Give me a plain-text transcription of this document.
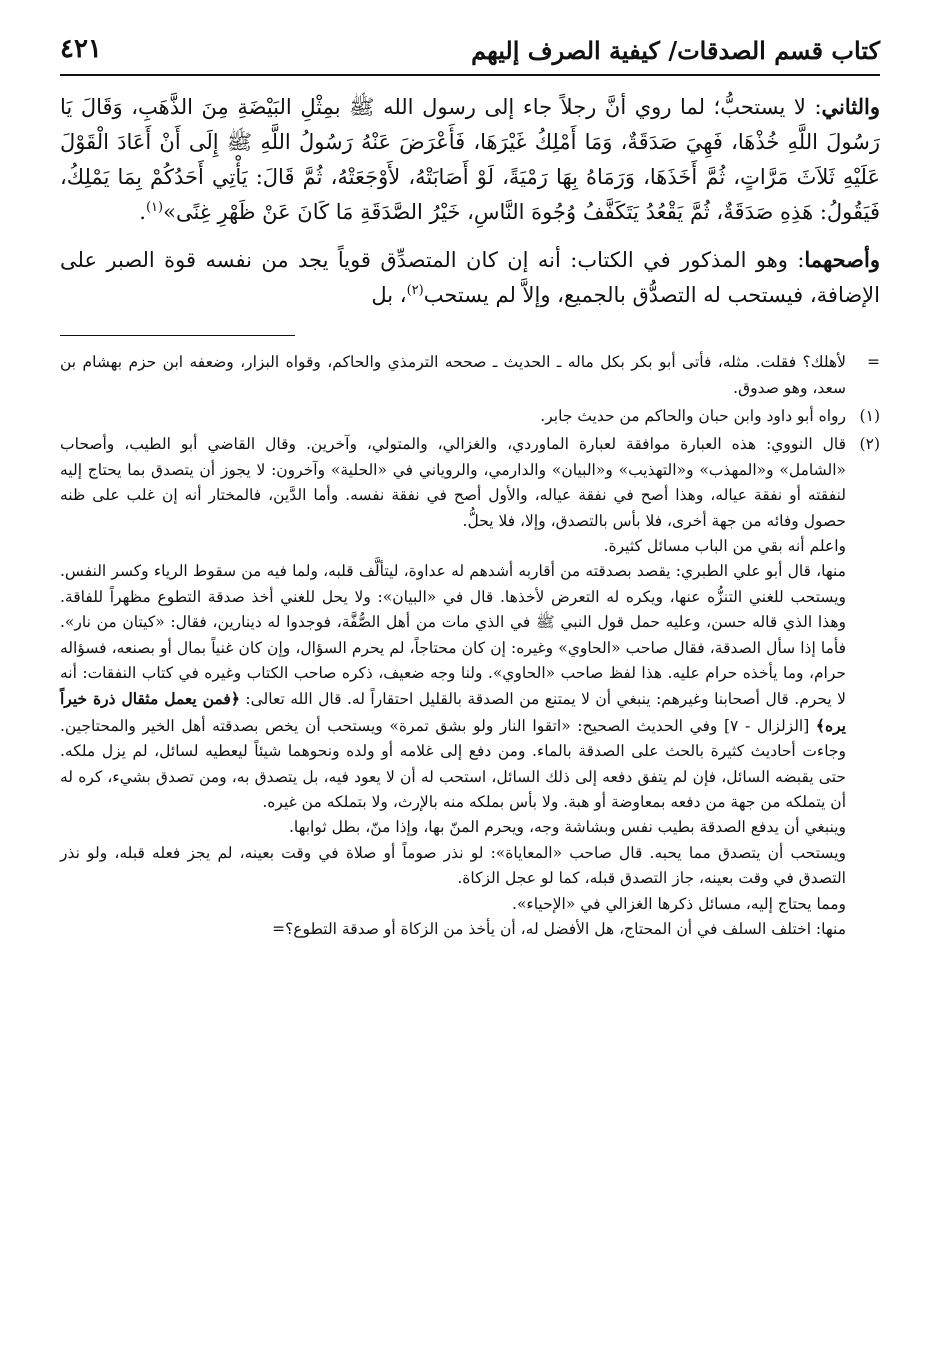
كتاب قسم الصدقات/ كيفية الصرف إليهم
٤٢١

والثاني: لا يستحبُّ؛ لما روي أنَّ رجلاً جاء إلى رسول الله ﷺ بمِثْلِ البَيْضَةِ مِنَ الذَّهَبِ، وَقَالَ يَا رَسُولَ اللَّهِ خُذْهَا، فَهِيَ صَدَقَةٌ، وَمَا أَمْلِكُ غَيْرَهَا، فَأَعْرَضَ عَنْهُ رَسُولُ اللَّهِ ﷺ إِلَى أَنْ أَعَادَ الْقَوْلَ عَلَيْهِ ثَلاَثَ مَرَّاتٍ، ثُمَّ أَخَذَهَا، وَرَمَاهُ بِهَا رَمْيَةً، لَوْ أَصَابَتْهُ، لأَوْجَعَتْهُ، ثُمَّ قَالَ: يَأْتِي أَحَدُكُمْ بِمَا يَمْلِكُ، فَيَقُولُ: هَذِهِ صَدَقَةٌ، ثُمَّ يَقْعُدُ يَتَكَفَّفُ وُجُوهَ النَّاسِ، خَيْرُ الصَّدَقَةِ مَا كَانَ عَنْ ظَهْرِ غِنًى»$^{(١)}$.

وأصحهما: وهو المذكور في الكتاب: أنه إن كان المتصدِّق قوياً يجد من نفسه قوة الصبر على الإضافة، فيستحب له التصدُّق بالجميع، وإلاَّ لم يستحب$^{(٢)}$، بل

=

لأهلك؟ فقلت. مثله، فأتى أبو بكر بكل ماله ـ الحديث ـ صححه الترمذي والحاكم، وقواه البزار، وضعفه ابن حزم بهشام بن سعد، وهو صدوق.

(١)

رواه أبو داود وابن حبان والحاكم من حديث جابر.

(٢)

قال النووي: هذه العبارة موافقة لعبارة الماوردي، والغزالي، والمتولي، وآخرين. وقال القاضي أبو الطيب، وأصحاب «الشامل» و«المهذب» و«التهذيب» و«البيان» والدارمي، والروياني في «الحلية» وآخرون: لا يجوز أن يتصدق بما يحتاج إليه لنفقته أو نفقة عياله، وهذا أصح في نفقة عياله، والأول أصح في نفقة نفسه. وأما الدَّين، فالمختار أنه إن غلب على ظنه حصول وفائه من جهة أخرى، فلا بأس بالتصدق، وإلا، فلا يحلُّ.

واعلم أنه بقي من الباب مسائل كثيرة.

منها، قال أبو علي الطبري: يقصد بصدقته من أقاربه أشدهم له عداوة، ليتألَّف قلبه، ولما فيه من سقوط الرياء وكسر النفس. ويستحب للغني التنزُّه عنها، ويكره له التعرض لأخذها. قال في «البيان»: ولا يحل للغني أخذ صدقة التطوع مظهراً للفاقة. وهذا الذي قاله حسن، وعليه حمل قول النبي ﷺ في الذي مات من أهل الصُّفَّة، فوجدوا له دينارين، فقال: «كيتان من نار». فأما إذا سأل الصدقة، فقال صاحب «الحاوي» وغيره: إن كان محتاجاً، لم يحرم السؤال، وإن كان غنياً بمال أو بصنعه، فسؤاله حرام، وما يأخذه حرام عليه. هذا لفظ صاحب «الحاوي». ولنا وجه ضعيف، ذكره صاحب الكتاب وغيره في كتاب النفقات: أنه لا يحرم. قال أصحابنا وغيرهم: ينبغي أن لا يمتنع من الصدقة بالقليل احتقاراً له. قال الله تعالى: ﴿فمن يعمل مثقال ذرة خيراً يره﴾ [الزلزال - ٧] وفي الحديث الصحيح: «اتقوا النار ولو بشق تمرة» ويستحب أن يخص بصدقته أهل الخير والمحتاجين. وجاءت أحاديث كثيرة بالحث على الصدقة بالماء. ومن دفع إلى غلامه أو ولده ونحوهما شيئاً ليعطيه لسائل، لم يزل ملكه. حتى يقبضه السائل، فإن لم يتفق دفعه إلى ذلك السائل، استحب له أن لا يعود فيه، بل يتصدق به، ومن تصدق بشيء، كره له أن يتملكه من جهة من دفعه بمعاوضة أو هبة. ولا بأس بملكه منه بالإرث، ولا بتملكه من غيره.

وينبغي أن يدفع الصدقة بطيب نفس وبشاشة وجه، ويحرم المنّ بها، وإذا منّ، بطل ثوابها.

ويستحب أن يتصدق مما يحبه. قال صاحب «المعاياة»: لو نذر صوماً أو صلاة في وقت بعينه، لم يجز فعله قبله، ولو نذر التصدق في وقت بعينه، جاز التصدق قبله، كما لو عجل الزكاة.

ومما يحتاج إليه، مسائل ذكرها الغزالي في «الإحياء».

منها: اختلف السلف في أن المحتاج، هل الأفضل له، أن يأخذ من الزكاة أو صدقة التطوع؟=
